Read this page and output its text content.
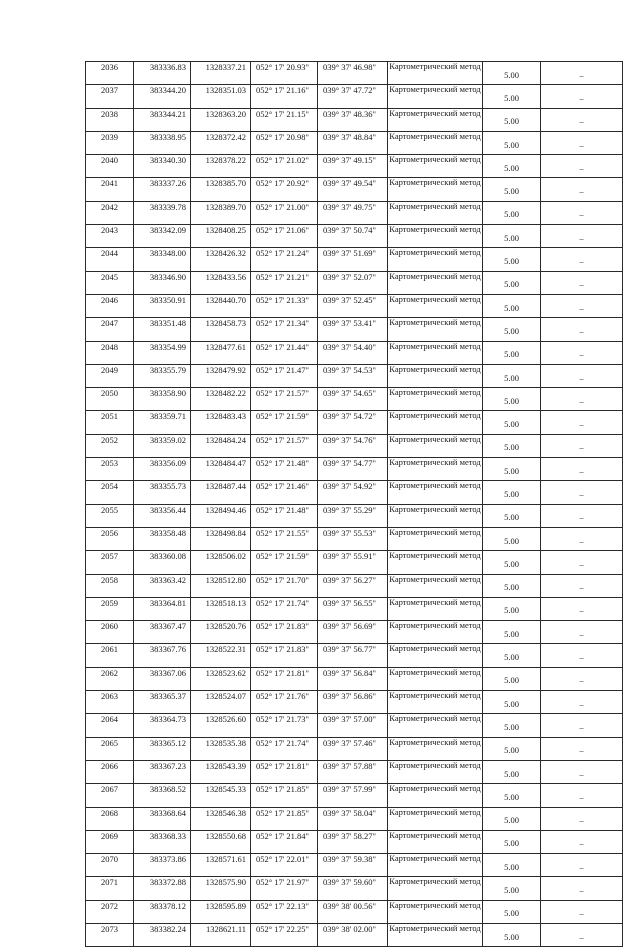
2036	383336.83	1328337.21	052° 17' 20.93"	039° 37' 46.98"	Картометрический метод	5.00	–
2037	383344.20	1328351.03	052° 17' 21.16"	039° 37' 47.72"	Картометрический метод	5.00	–
2038	383344.21	1328363.20	052° 17' 21.15"	039° 37' 48.36"	Картометрический метод	5.00	–
2039	383338.95	1328372.42	052° 17' 20.98"	039° 37' 48.84"	Картометрический метод	5.00	–
2040	383340.30	1328378.22	052° 17' 21.02"	039° 37' 49.15"	Картометрический метод	5.00	–
2041	383337.26	1328385.70	052° 17' 20.92"	039° 37' 49.54"	Картометрический метод	5.00	–
2042	383339.78	1328389.70	052° 17' 21.00"	039° 37' 49.75"	Картометрический метод	5.00	–
2043	383342.09	1328408.25	052° 17' 21.06"	039° 37' 50.74"	Картометрический метод	5.00	–
2044	383348.00	1328426.32	052° 17' 21.24"	039° 37' 51.69"	Картометрический метод	5.00	–
2045	383346.90	1328433.56	052° 17' 21.21"	039° 37' 52.07"	Картометрический метод	5.00	–
2046	383350.91	1328440.70	052° 17' 21.33"	039° 37' 52.45"	Картометрический метод	5.00	–
2047	383351.48	1328458.73	052° 17' 21.34"	039° 37' 53.41"	Картометрический метод	5.00	–
2048	383354.99	1328477.61	052° 17' 21.44"	039° 37' 54.40"	Картометрический метод	5.00	–
2049	383355.79	1328479.92	052° 17' 21.47"	039° 37' 54.53"	Картометрический метод	5.00	–
2050	383358.90	1328482.22	052° 17' 21.57"	039° 37' 54.65"	Картометрический метод	5.00	–
2051	383359.71	1328483.43	052° 17' 21.59"	039° 37' 54.72"	Картометрический метод	5.00	–
2052	383359.02	1328484.24	052° 17' 21.57"	039° 37' 54.76"	Картометрический метод	5.00	–
2053	383356.09	1328484.47	052° 17' 21.48"	039° 37' 54.77"	Картометрический метод	5.00	–
2054	383355.73	1328487.44	052° 17' 21.46"	039° 37' 54.92"	Картометрический метод	5.00	–
2055	383356.44	1328494.46	052° 17' 21.48"	039° 37' 55.29"	Картометрический метод	5.00	–
2056	383358.48	1328498.84	052° 17' 21.55"	039° 37' 55.53"	Картометрический метод	5.00	–
2057	383360.08	1328506.02	052° 17' 21.59"	039° 37' 55.91"	Картометрический метод	5.00	–
2058	383363.42	1328512.80	052° 17' 21.70"	039° 37' 56.27"	Картометрический метод	5.00	–
2059	383364.81	1328518.13	052° 17' 21.74"	039° 37' 56.55"	Картометрический метод	5.00	–
2060	383367.47	1328520.76	052° 17' 21.83"	039° 37' 56.69"	Картометрический метод	5.00	–
2061	383367.76	1328522.31	052° 17' 21.83"	039° 37' 56.77"	Картометрический метод	5.00	–
2062	383367.06	1328523.62	052° 17' 21.81"	039° 37' 56.84"	Картометрический метод	5.00	–
2063	383365.37	1328524.07	052° 17' 21.76"	039° 37' 56.86"	Картометрический метод	5.00	–
2064	383364.73	1328526.60	052° 17' 21.73"	039° 37' 57.00"	Картометрический метод	5.00	–
2065	383365.12	1328535.38	052° 17' 21.74"	039° 37' 57.46"	Картометрический метод	5.00	–
2066	383367.23	1328543.39	052° 17' 21.81"	039° 37' 57.88"	Картометрический метод	5.00	–
2067	383368.52	1328545.33	052° 17' 21.85"	039° 37' 57.99"	Картометрический метод	5.00	–
2068	383368.64	1328546.38	052° 17' 21.85"	039° 37' 58.04"	Картометрический метод	5.00	–
2069	383368.33	1328550.68	052° 17' 21.84"	039° 37' 58.27"	Картометрический метод	5.00	–
2070	383373.86	1328571.61	052° 17' 22.01"	039° 37' 59.38"	Картометрический метод	5.00	–
2071	383372.88	1328575.90	052° 17' 21.97"	039° 37' 59.60"	Картометрический метод	5.00	–
2072	383378.12	1328595.89	052° 17' 22.13"	039° 38' 00.56"	Картометрический метод	5.00	–
2073	383382.24	1328621.11	052° 17' 22.25"	039° 38' 02.00"	Картометрический метод	5.00	–
